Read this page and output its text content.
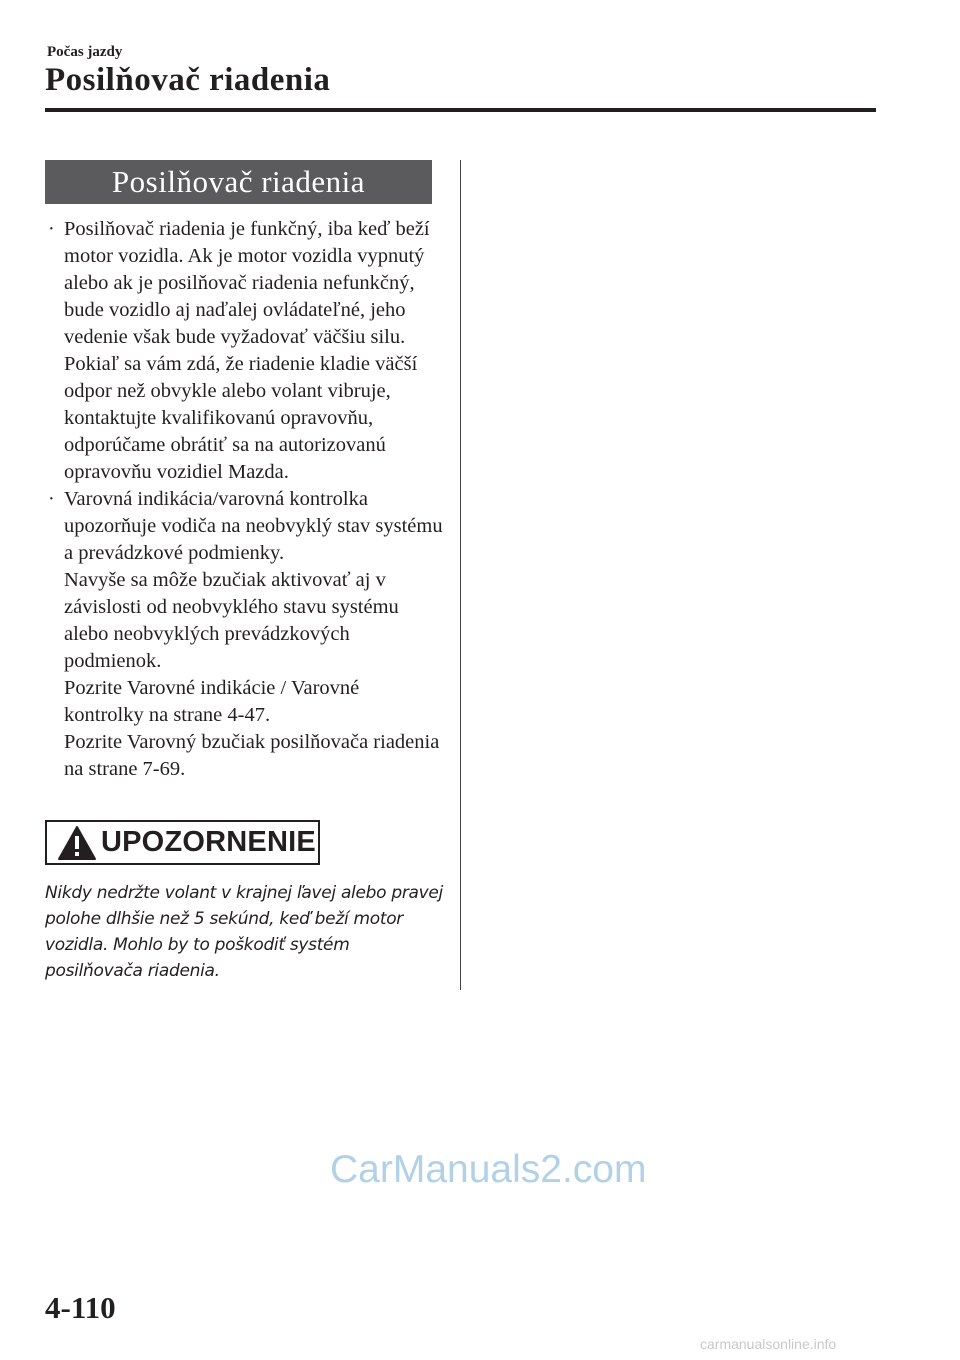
Počas jazdy
Posilňovač riadenia
Posilňovač riadenia
· Posilňovač riadenia je funkčný, iba keď beží motor vozidla. Ak je motor vozidla vypnutý alebo ak je posilňovač riadenia nefunkčný, bude vozidlo aj naďalej ovládateľné, jeho vedenie však bude vyžadovať väčšiu silu.

Pokiaľ sa vám zdá, že riadenie kladie väčší odpor než obvykle alebo volant vibruje, kontaktujte kvalifikovanú opravovňu, odporúčame obrátiť sa na autorizovanú opravovňu vozidiel Mazda.

· Varovná indikácia/varovná kontrolka upozorňuje vodiča na neobvyklý stav systému a prevádzkové podmienky.

Navyše sa môže bzučiak aktivovať aj v závislosti od neobvyklého stavu systému alebo neobvyklých prevádzkových podmienok.

Pozrite Varovné indikácie / Varovné kontrolky na strane 4-47.

Pozrite Varovný bzučiak posilňovača riadenia na strane 7-69.

UPOZORNENIE

Nikdy nedržte volant v krajnej ľavej alebo pravej polohe dlhšie než 5 sekúnd, keď beží motor vozidla. Mohlo by to poškodiť systém posilňovača riadenia.

CarManuals2.com
4-110
carmanualsonline.info
